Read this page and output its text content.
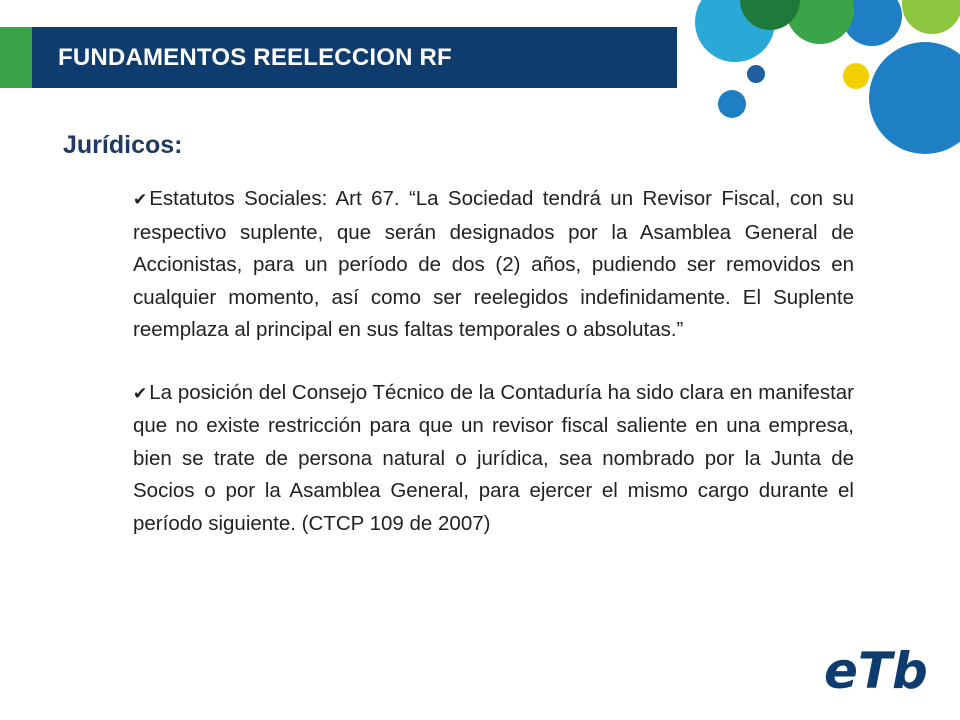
FUNDAMENTOS REELECCION RF
Jurídicos:

✔Estatutos Sociales: Art 67. “La Sociedad tendrá un Revisor Fiscal, con su respectivo suplente, que serán designados por la Asamblea General de Accionistas, para un período de dos (2) años, pudiendo ser removidos en cualquier momento, así como ser reelegidos indefinidamente. El Suplente reemplaza al principal en sus faltas temporales o absolutas.”

✔La posición del Consejo Técnico de la Contaduría ha sido clara en manifestar que no existe restricción para que un revisor fiscal saliente en una empresa, bien se trate de persona natural o jurídica, sea nombrado por la Junta de Socios o por la Asamblea General, para ejercer el mismo cargo durante el período siguiente. (CTCP 109 de 2007)

eTb
